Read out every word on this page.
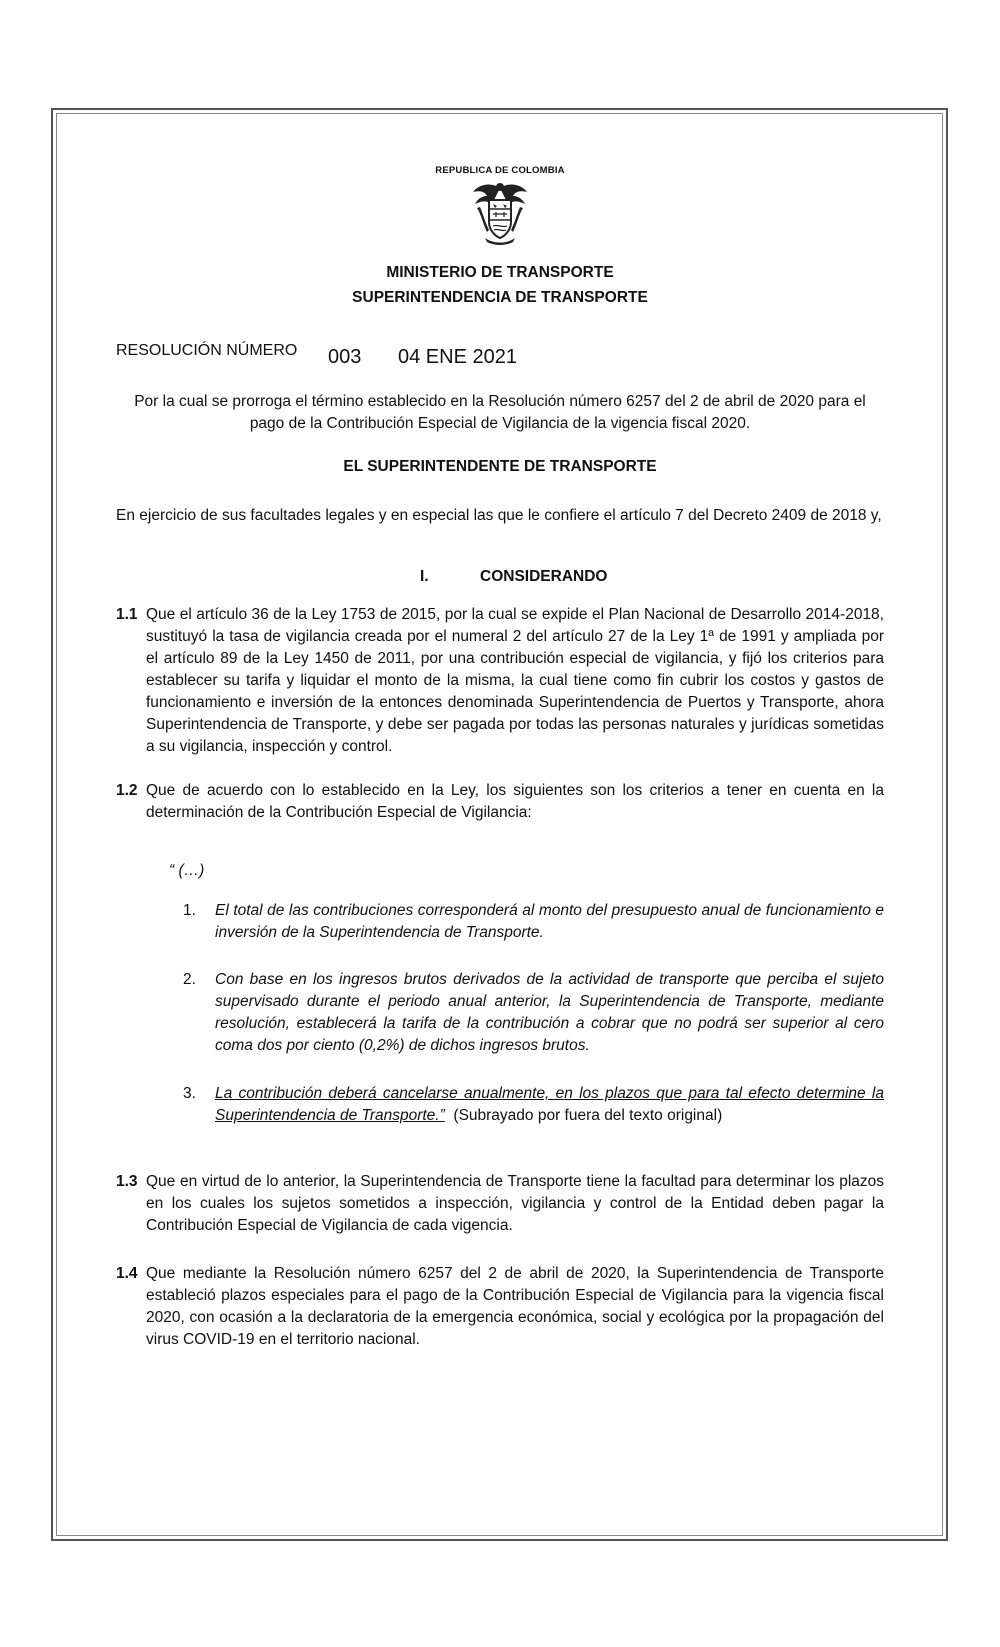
REPUBLICA DE COLOMBIA
MINISTERIO DE TRANSPORTE
SUPERINTENDENCIA DE TRANSPORTE
RESOLUCIÓN NÚMERO 003 04 ENE 2021
Por la cual se prorroga el término establecido en la Resolución número 6257 del 2 de abril de 2020 para el pago de la Contribución Especial de Vigilancia de la vigencia fiscal 2020.
EL SUPERINTENDENTE DE TRANSPORTE
En ejercicio de sus facultades legales y en especial las que le confiere el artículo 7 del Decreto 2409 de 2018 y,
I.	CONSIDERANDO
1.1 Que el artículo 36 de la Ley 1753 de 2015, por la cual se expide el Plan Nacional de Desarrollo 2014-2018, sustituyó la tasa de vigilancia creada por el numeral 2 del artículo 27 de la Ley 1ª de 1991 y ampliada por el artículo 89 de la Ley 1450 de 2011, por una contribución especial de vigilancia, y fijó los criterios para establecer su tarifa y liquidar el monto de la misma, la cual tiene como fin cubrir los costos y gastos de funcionamiento e inversión de la entonces denominada Superintendencia de Puertos y Transporte, ahora Superintendencia de Transporte, y debe ser pagada por todas las personas naturales y jurídicas sometidas a su vigilancia, inspección y control.
1.2 Que de acuerdo con lo establecido en la Ley, los siguientes son los criterios a tener en cuenta en la determinación de la Contribución Especial de Vigilancia:
“ (…)
1. El total de las contribuciones corresponderá al monto del presupuesto anual de funcionamiento e inversión de la Superintendencia de Transporte.
2. Con base en los ingresos brutos derivados de la actividad de transporte que perciba el sujeto supervisado durante el periodo anual anterior, la Superintendencia de Transporte, mediante resolución, establecerá la tarifa de la contribución a cobrar que no podrá ser superior al cero coma dos por ciento (0,2%) de dichos ingresos brutos.
3. La contribución deberá cancelarse anualmente, en los plazos que para tal efecto determine la Superintendencia de Transporte.” (Subrayado por fuera del texto original)
1.3 Que en virtud de lo anterior, la Superintendencia de Transporte tiene la facultad para determinar los plazos en los cuales los sujetos sometidos a inspección, vigilancia y control de la Entidad deben pagar la Contribución Especial de Vigilancia de cada vigencia.
1.4 Que mediante la Resolución número 6257 del 2 de abril de 2020, la Superintendencia de Transporte estableció plazos especiales para el pago de la Contribución Especial de Vigilancia para la vigencia fiscal 2020, con ocasión a la declaratoria de la emergencia económica, social y ecológica por la propagación del virus COVID-19 en el territorio nacional.
